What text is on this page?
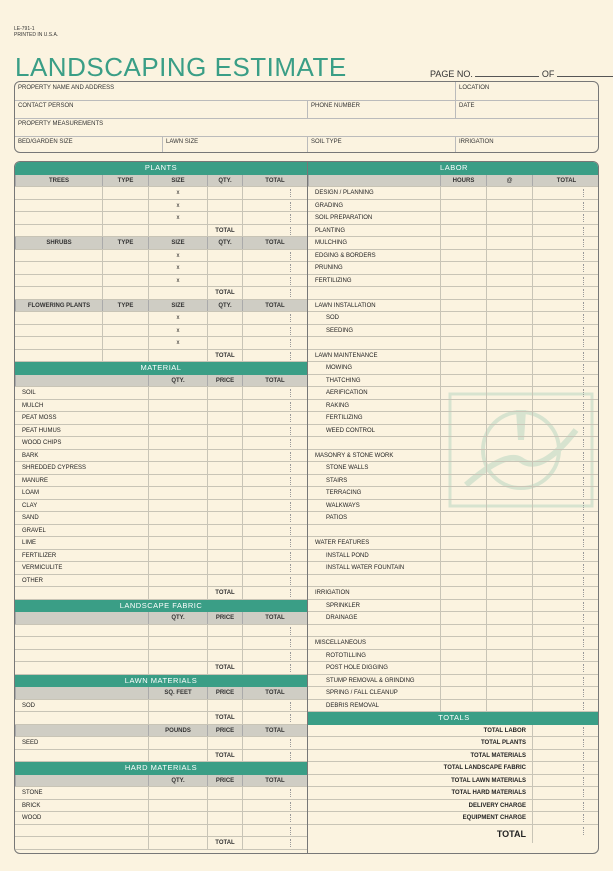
LE-791-1
PRINTED IN U.S.A.
LANDSCAPING ESTIMATE	PAGE NO.	OF
PROPERTY NAME AND ADDRESS	LOCATION
CONTACT PERSON	PHONE NUMBER	DATE
PROPERTY MEASUREMENTS
BED/GARDEN SIZE	LAWN SIZE	SOIL TYPE	IRRIGATION
PLANTS
TREES	TYPE	SIZE	QTY.	TOTAL
x
x
x
TOTAL
SHRUBS	TYPE	SIZE	QTY.	TOTAL
x
x
x
TOTAL
FLOWERING PLANTS	TYPE	SIZE	QTY.	TOTAL
x
x
x
TOTAL
MATERIAL
QTY.	PRICE	TOTAL
SOIL
MULCH
PEAT MOSS
PEAT HUMUS
WOOD CHIPS
BARK
SHREDDED CYPRESS
MANURE
LOAM
CLAY
SAND
GRAVEL
LIME
FERTILIZER
VERMICULITE
OTHER
TOTAL
LANDSCAPE FABRIC
QTY.	PRICE	TOTAL
TOTAL
LAWN MATERIALS
SQ. FEET	PRICE	TOTAL
SOD
TOTAL
POUNDS	PRICE	TOTAL
SEED
TOTAL
HARD MATERIALS
QTY.	PRICE	TOTAL
STONE
BRICK
WOOD
TOTAL
LABOR
HOURS	@	TOTAL
DESIGN / PLANNING
GRADING
SOIL PREPARATION
PLANTING
MULCHING
EDGING & BORDERS
PRUNING
FERTILIZING
LAWN INSTALLATION
SOD
SEEDING
LAWN MAINTENANCE
MOWING
THATCHING
AERIFICATION
RAKING
FERTILIZING
WEED CONTROL
MASONRY & STONE WORK
STONE WALLS
STAIRS
TERRACING
WALKWAYS
PATIOS
WATER FEATURES
INSTALL POND
INSTALL WATER FOUNTAIN
IRRIGATION
SPRINKLER
DRAINAGE
MISCELLANEOUS
ROTOTILLING
POST HOLE DIGGING
STUMP REMOVAL & GRINDING
SPRING / FALL CLEANUP
DEBRIS REMOVAL
TOTALS
TOTAL LABOR
TOTAL PLANTS
TOTAL MATERIALS
TOTAL LANDSCAPE FABRIC
TOTAL LAWN MATERIALS
TOTAL HARD MATERIALS
DELIVERY CHARGE
EQUIPMENT CHARGE
TOTAL
